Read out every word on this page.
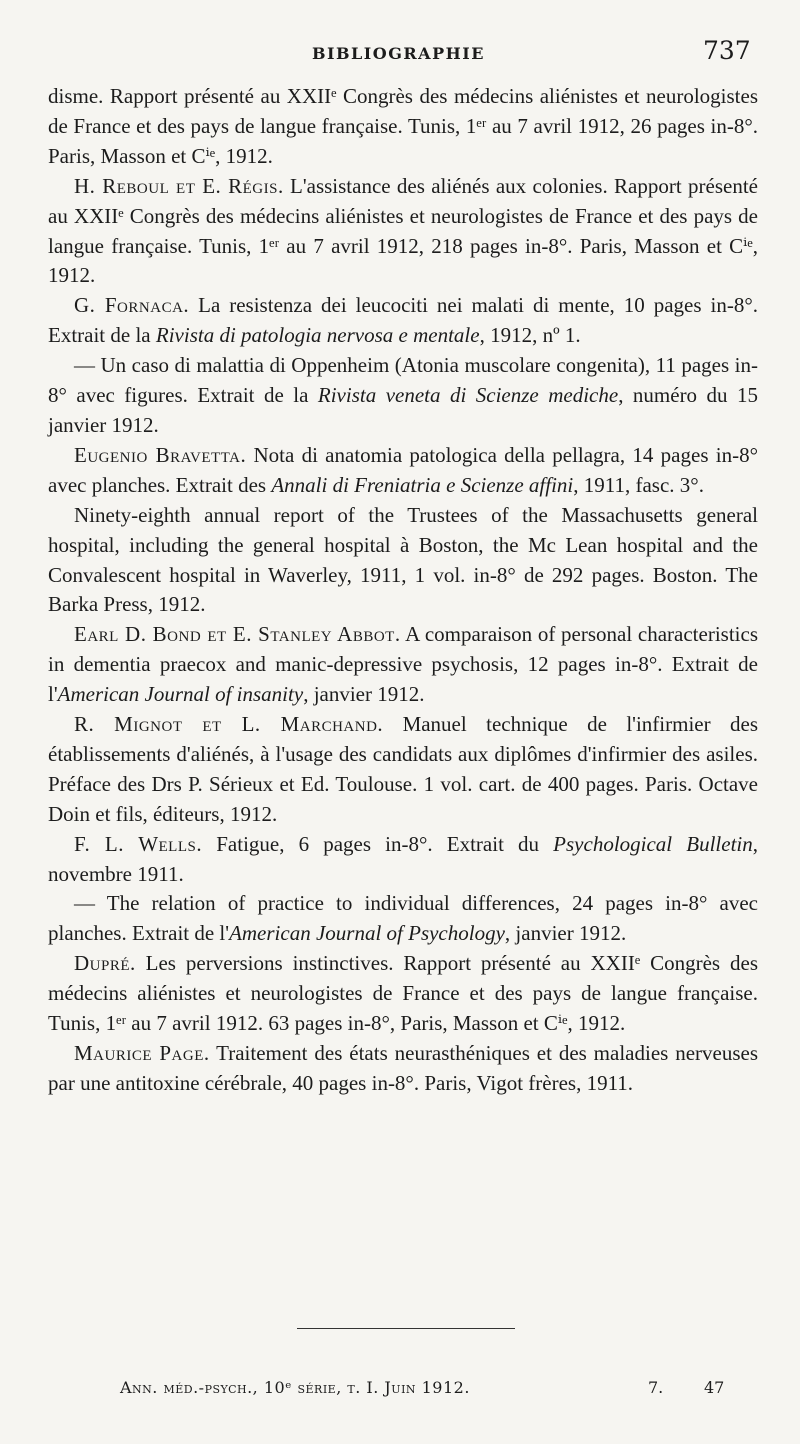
BIBLIOGRAPHIE	737

disme. Rapport présenté au XXIIᵉ Congrès des médecins aliénistes et neurologistes de France et des pays de langue française. Tunis, 1ᵉʳ au 7 avril 1912, 26 pages in-8°. Paris, Masson et Cⁱᵉ, 1912.

H. Reboul et E. Régis. L'assistance des aliénés aux colonies. Rapport présenté au XXIIᵉ Congrès des médecins aliénistes et neurologistes de France et des pays de langue française. Tunis, 1ᵉʳ au 7 avril 1912, 218 pages in-8°. Paris, Masson et Cⁱᵉ, 1912.

G. Fornaca. La resistenza dei leucociti nei malati di mente, 10 pages in-8°. Extrait de la Rivista di patologia nervosa e mentale, 1912, nº 1.

— Un caso di malattia di Oppenheim (Atonia muscolare congenita), 11 pages in-8° avec figures. Extrait de la Rivista veneta di Scienze mediche, numéro du 15 janvier 1912.

Eugenio Bravetta. Nota di anatomia patologica della pellagra, 14 pages in-8° avec planches. Extrait des Annali di Freniatria e Scienze affini, 1911, fasc. 3°.

Ninety-eighth annual report of the Trustees of the Massachusetts general hospital, including the general hospital à Boston, the Mc Lean hospital and the Convalescent hospital in Waverley, 1911, 1 vol. in-8° de 292 pages. Boston. The Barka Press, 1912.

Earl D. Bond et E. Stanley Abbot. A comparaison of personal characteristics in dementia praecox and manic-depressive psychosis, 12 pages in-8°. Extrait de l'American Journal of insanity, janvier 1912.

R. Mignot et L. Marchand. Manuel technique de l'infirmier des établissements d'aliénés, à l'usage des candidats aux diplômes d'infirmier des asiles. Préface des Drs P. Sérieux et Ed. Toulouse. 1 vol. cart. de 400 pages. Paris. Octave Doin et fils, éditeurs, 1912.

F. L. Wells. Fatigue, 6 pages in-8°. Extrait du Psychological Bulletin, novembre 1911.

— The relation of practice to individual differences, 24 pages in-8° avec planches. Extrait de l'American Journal of Psychology, janvier 1912.

Dupré. Les perversions instinctives. Rapport présenté au XXIIᵉ Congrès des médecins aliénistes et neurologistes de France et des pays de langue française. Tunis, 1ᵉʳ au 7 avril 1912. 63 pages in-8°, Paris, Masson et Cⁱᵉ, 1912.

Maurice Page. Traitement des états neurasthéniques et des maladies nerveuses par une antitoxine cérébrale, 40 pages in-8°. Paris, Vigot frères, 1911.

Ann. méd.-psych., 10ᵉ série, t. I. Juin 1912.	7.	47
